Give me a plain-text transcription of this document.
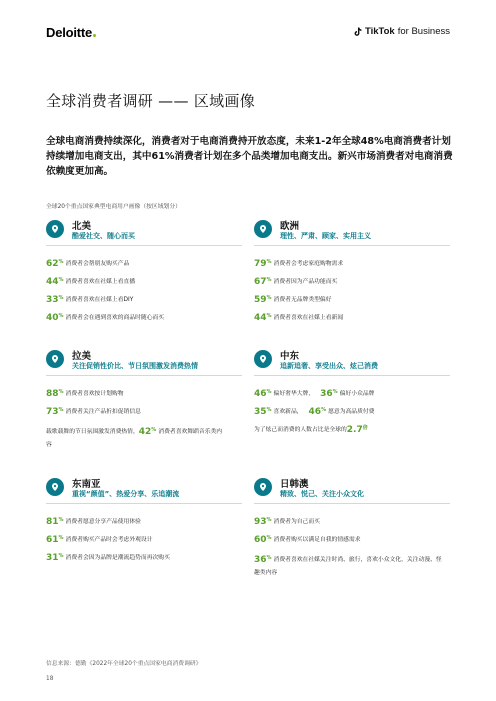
Deloitte	TikTok for Business
全球消费者调研 —— 区域画像
全球电商消费持续深化，消费者对于电商消费持开放态度，未来1-2年全球48%电商消费者计划持续增加电商支出，其中61%消费者计划在多个品类增加电商支出。新兴市场消费者对电商消费依赖度更加高。
全球20个重点国家典型电商用户画像（按区域划分）
北美
酷爱社交、随心而买
62% 消费者会帮朋友购买产品
44% 消费者喜欢在社媒上看直播
33% 消费者喜欢在社媒上看DIY
40% 消费者会在遇到喜欢的商品时随心而买
欧洲
理性、严肃、顾家、实用主义
79% 消费者会考虑家庭购物需求
67% 消费者因为产品功能而买
59% 消费者无品牌类型偏好
44% 消费者喜欢在社媒上看新闻
拉美
关注促销性价比、节日氛围激发消费热情
88% 消费者喜欢按计划购物
73% 消费者关注产品折扣促销信息
载歌载舞的节日氛围激发消费热情，42% 消费者喜欢舞蹈音乐类内容
中东
追新追奢、享受出众、炫己消费
46% 偏好奢华大牌， 36% 偏好小众品牌
35% 喜欢新品， 46% 愿意为高品质付费
为了炫己而消费的人数占比是全球的2.7倍
东南亚
重视“颜值”、热爱分享、乐追潮流
81% 消费者愿意分享产品使用体验
61% 消费者购买产品时会考虑外观设计
31% 消费者会因为品牌是潮流趋势而再次购买
日韩澳
精致、悦己、关注小众文化
93% 消费者为自己而买
60% 消费者购买以满足自我的情感需求
36% 消费者喜欢在社媒关注时尚、旅行，喜欢小众文化，关注动漫、怪趣类内容
信息来源：德勤《2022年全球20个重点国家电商消费调研》
18
